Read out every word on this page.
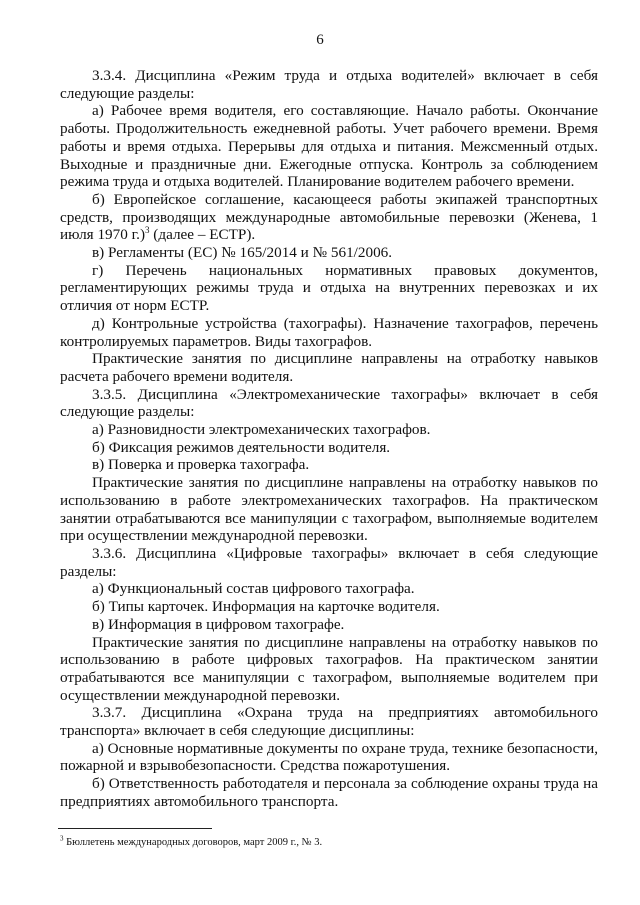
6

3.3.4. Дисциплина «Режим труда и отдыха водителей» включает в себя следующие разделы:

а) Рабочее время водителя, его составляющие. Начало работы. Окончание работы. Продолжительность ежедневной работы. Учет рабочего времени. Время работы и время отдыха. Перерывы для отдыха и питания. Межсменный отдых. Выходные и праздничные дни. Ежегодные отпуска. Контроль за соблюдением режима труда и отдыха водителей. Планирование водителем рабочего времени.

б) Европейское соглашение, касающееся работы экипажей транспортных средств, производящих международные автомобильные перевозки (Женева, 1 июля 1970 г.)$^3$ (далее – ЕСТР).

в) Регламенты (ЕС) № 165/2014 и № 561/2006.

г) Перечень национальных нормативных правовых документов, регламентирующих режимы труда и отдыха на внутренних перевозках и их отличия от норм ЕСТР.

д) Контрольные устройства (тахографы). Назначение тахографов, перечень контролируемых параметров. Виды тахографов.

Практические занятия по дисциплине направлены на отработку навыков расчета рабочего времени водителя.

3.3.5. Дисциплина «Электромеханические тахографы» включает в себя следующие разделы:

а) Разновидности электромеханических тахографов.

б) Фиксация режимов деятельности водителя.

в) Поверка и проверка тахографа.

Практические занятия по дисциплине направлены на отработку навыков по использованию в работе электромеханических тахографов. На практическом занятии отрабатываются все манипуляции с тахографом, выполняемые водителем при осуществлении международной перевозки.

3.3.6. Дисциплина «Цифровые тахографы» включает в себя следующие разделы:

а) Функциональный состав цифрового тахографа.

б) Типы карточек. Информация на карточке водителя.

в) Информация в цифровом тахографе.

Практические занятия по дисциплине направлены на отработку навыков по использованию в работе цифровых тахографов. На практическом занятии отрабатываются все манипуляции с тахографом, выполняемые водителем при осуществлении международной перевозки.

3.3.7. Дисциплина «Охрана труда на предприятиях автомобильного транспорта» включает в себя следующие дисциплины:

а) Основные нормативные документы по охране труда, технике безопасности, пожарной и взрывобезопасности. Средства пожаротушения.

б) Ответственность работодателя и персонала за соблюдение охраны труда на предприятиях автомобильного транспорта.

$^3$ Бюллетень международных договоров, март 2009 г., № 3.
